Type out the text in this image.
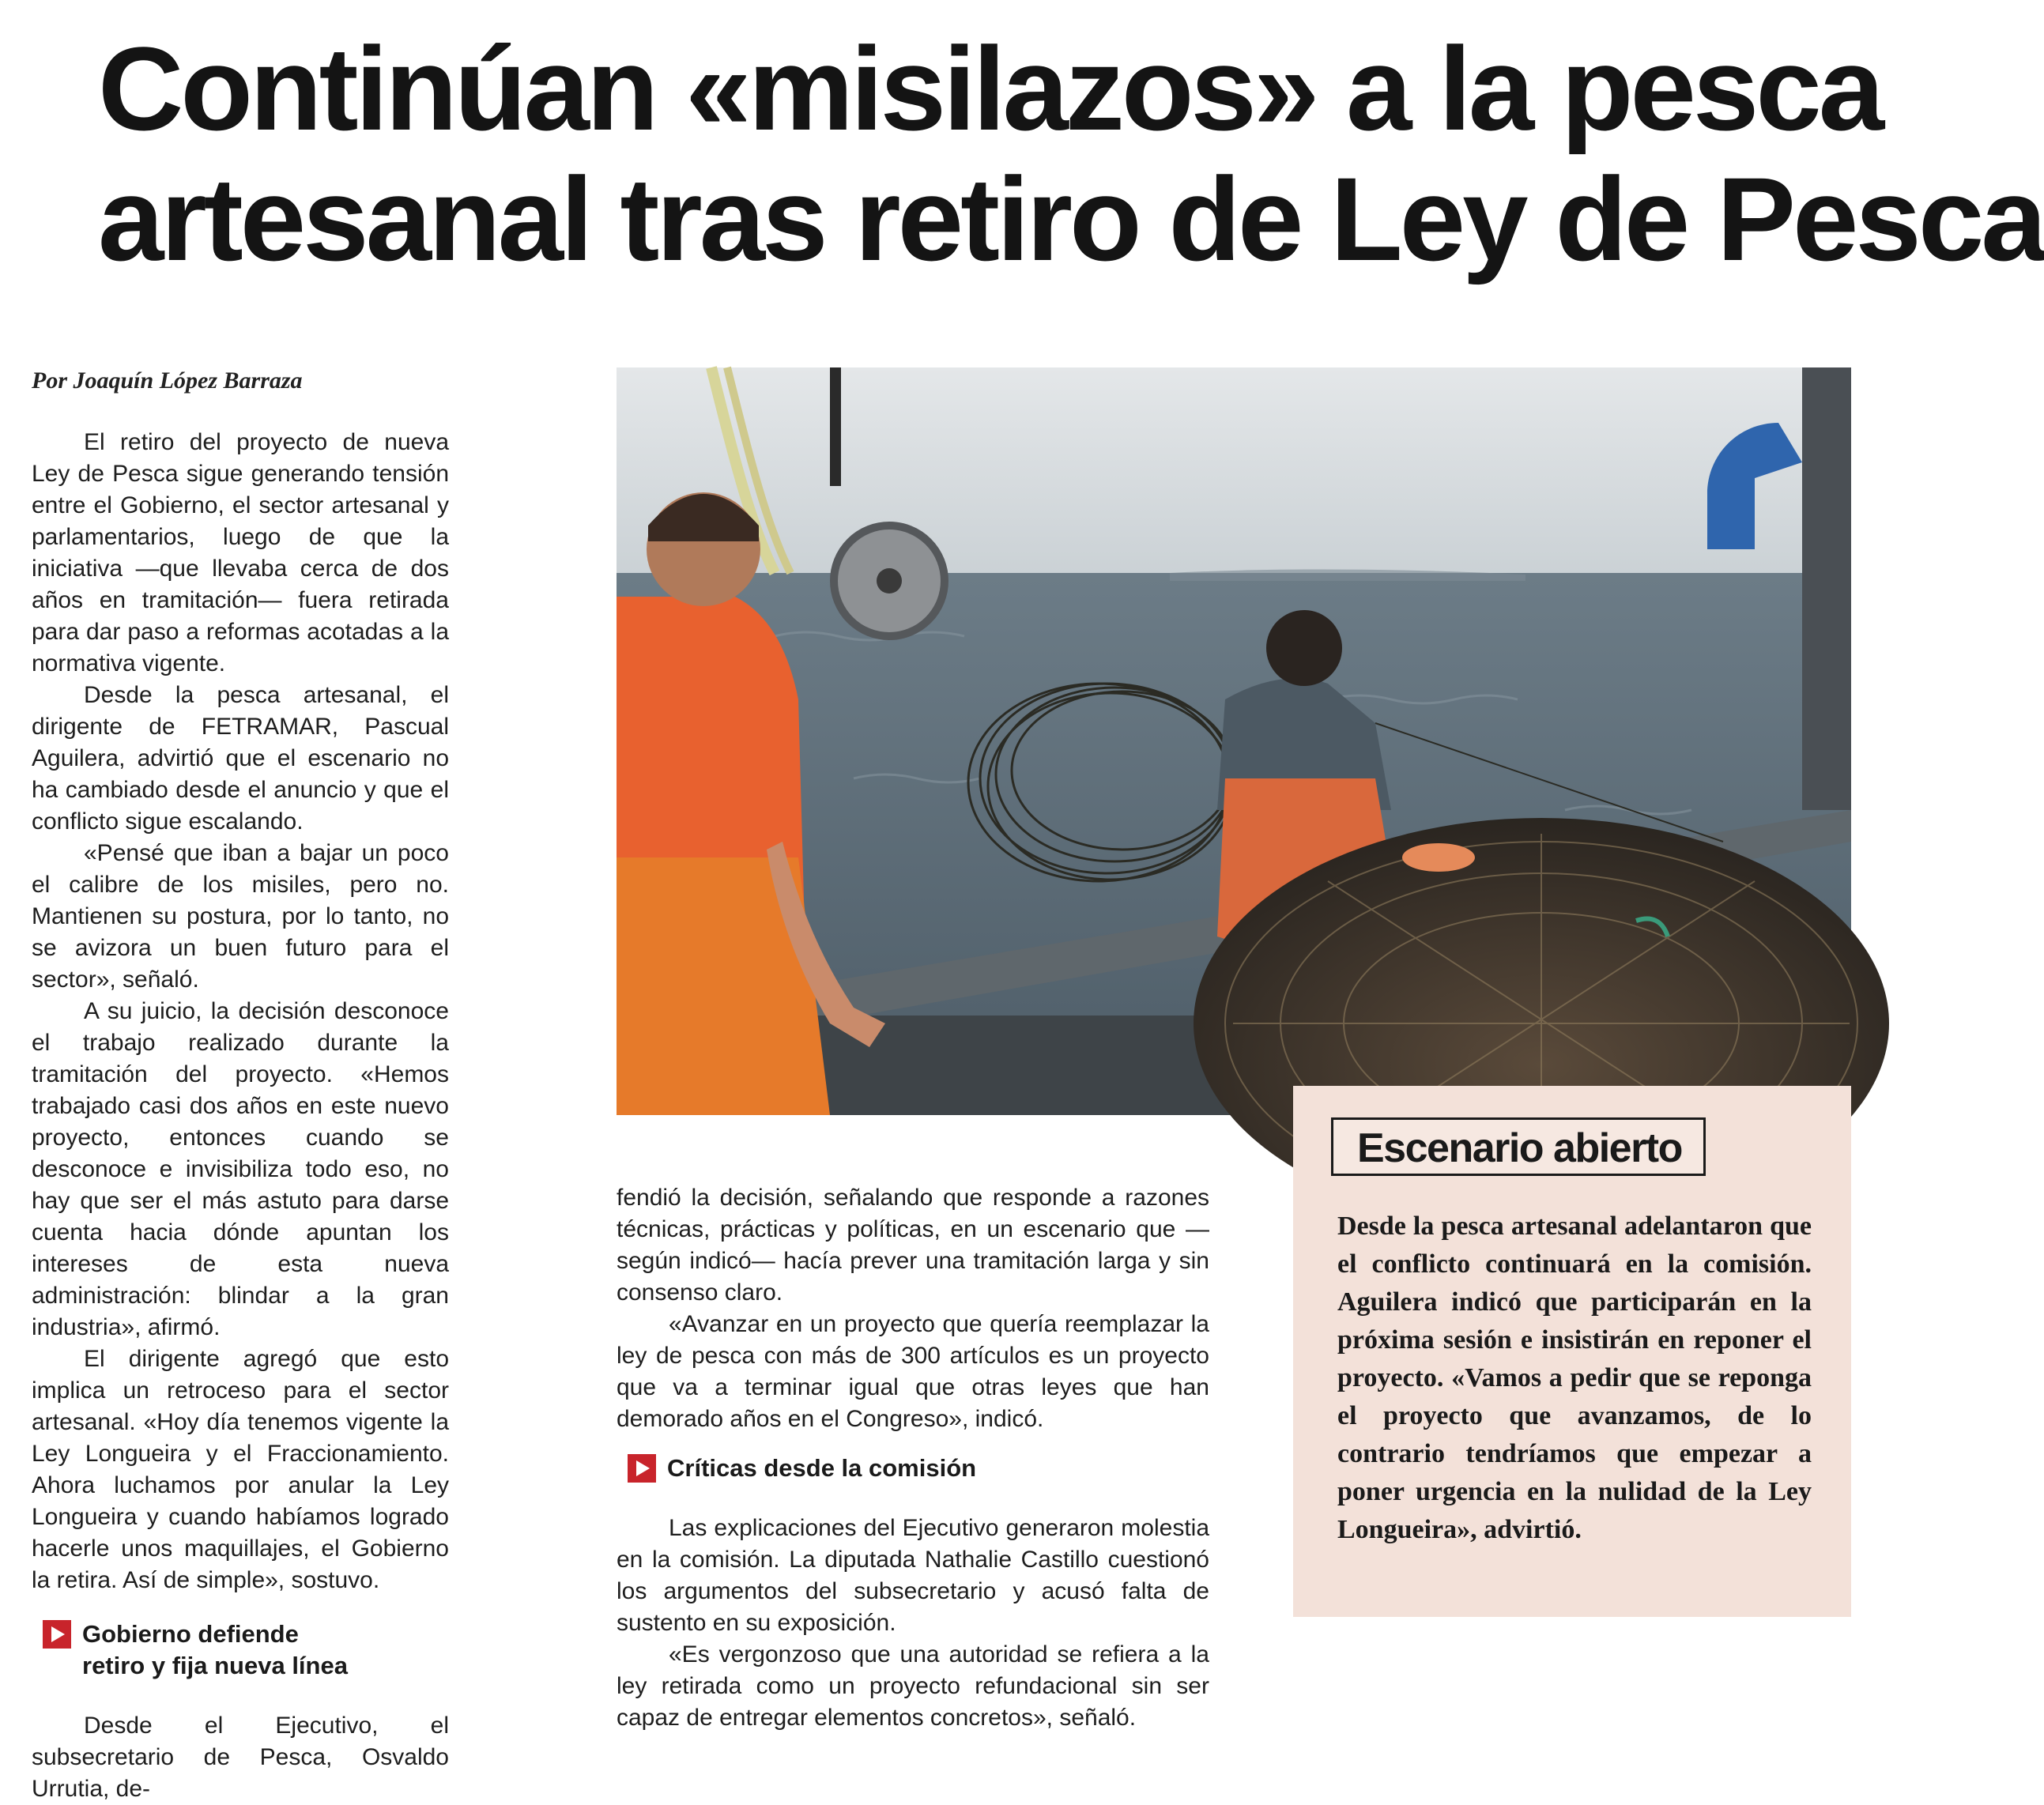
Continúan «misilazos» a la pesca
artesanal tras retiro de Ley de Pesca
Por Joaquín López Barraza

El retiro del proyecto de nueva Ley de Pesca sigue generando tensión entre el Gobierno, el sector artesanal y parlamentarios, luego de que la iniciativa —que llevaba cerca de dos años en tramitación— fuera retirada para dar paso a reformas acotadas a la normativa vigente.

Desde la pesca artesanal, el dirigente de FETRAMAR, Pascual Aguilera, advirtió que el escenario no ha cambiado desde el anuncio y que el conflicto sigue escalando.

«Pensé que iban a bajar un poco el calibre de los misiles, pero no. Mantienen su postura, por lo tanto, no se avizora un buen futuro para el sector», señaló.

A su juicio, la decisión desconoce el trabajo realizado durante la tramitación del proyecto. «Hemos trabajado casi dos años en este nuevo proyecto, entonces cuando se desconoce e invisibiliza todo eso, no hay que ser el más astuto para darse cuenta hacia dónde apuntan los intereses de esta nueva administración: blindar a la gran industria», afirmó.

El dirigente agregó que esto implica un retroceso para el sector artesanal. «Hoy día tenemos vigente la Ley Longueira y el Fraccionamiento. Ahora luchamos por anular la Ley Longueira y cuando habíamos logrado hacerle unos maquillajes, el Gobierno la retira. Así de simple», sostuvo.

Gobierno defiende
retiro y fija nueva línea

Desde el Ejecutivo, el subsecretario de Pesca, Osvaldo Urrutia, de-

fendió la decisión, señalando que responde a razones técnicas, prácticas y políticas, en un escenario que —según indicó— hacía prever una tramitación larga y sin consenso claro.

«Avanzar en un proyecto que quería reemplazar la ley de pesca con más de 300 artículos es un proyecto que va a terminar igual que otras leyes que han demorado años en el Congreso», indicó.

Críticas desde la comisión

Las explicaciones del Ejecutivo generaron molestia en la comisión. La diputada Nathalie Castillo cuestionó los argumentos del subsecretario y acusó falta de sustento en su exposición.

«Es vergonzoso que una autoridad se refiera a la ley retirada como un proyecto refundacional sin ser capaz de entregar elementos concretos», señaló.

Escenario abierto
Desde la pesca artesanal adelantaron que el conflicto continuará en la comisión. Aguilera indicó que participarán en la próxima sesión e insistirán en reponer el proyecto. «Vamos a pedir que se reponga el proyecto que avanzamos, de lo contrario tendríamos que empezar a poner urgencia en la nulidad de la Ley Longueira», advirtió.
